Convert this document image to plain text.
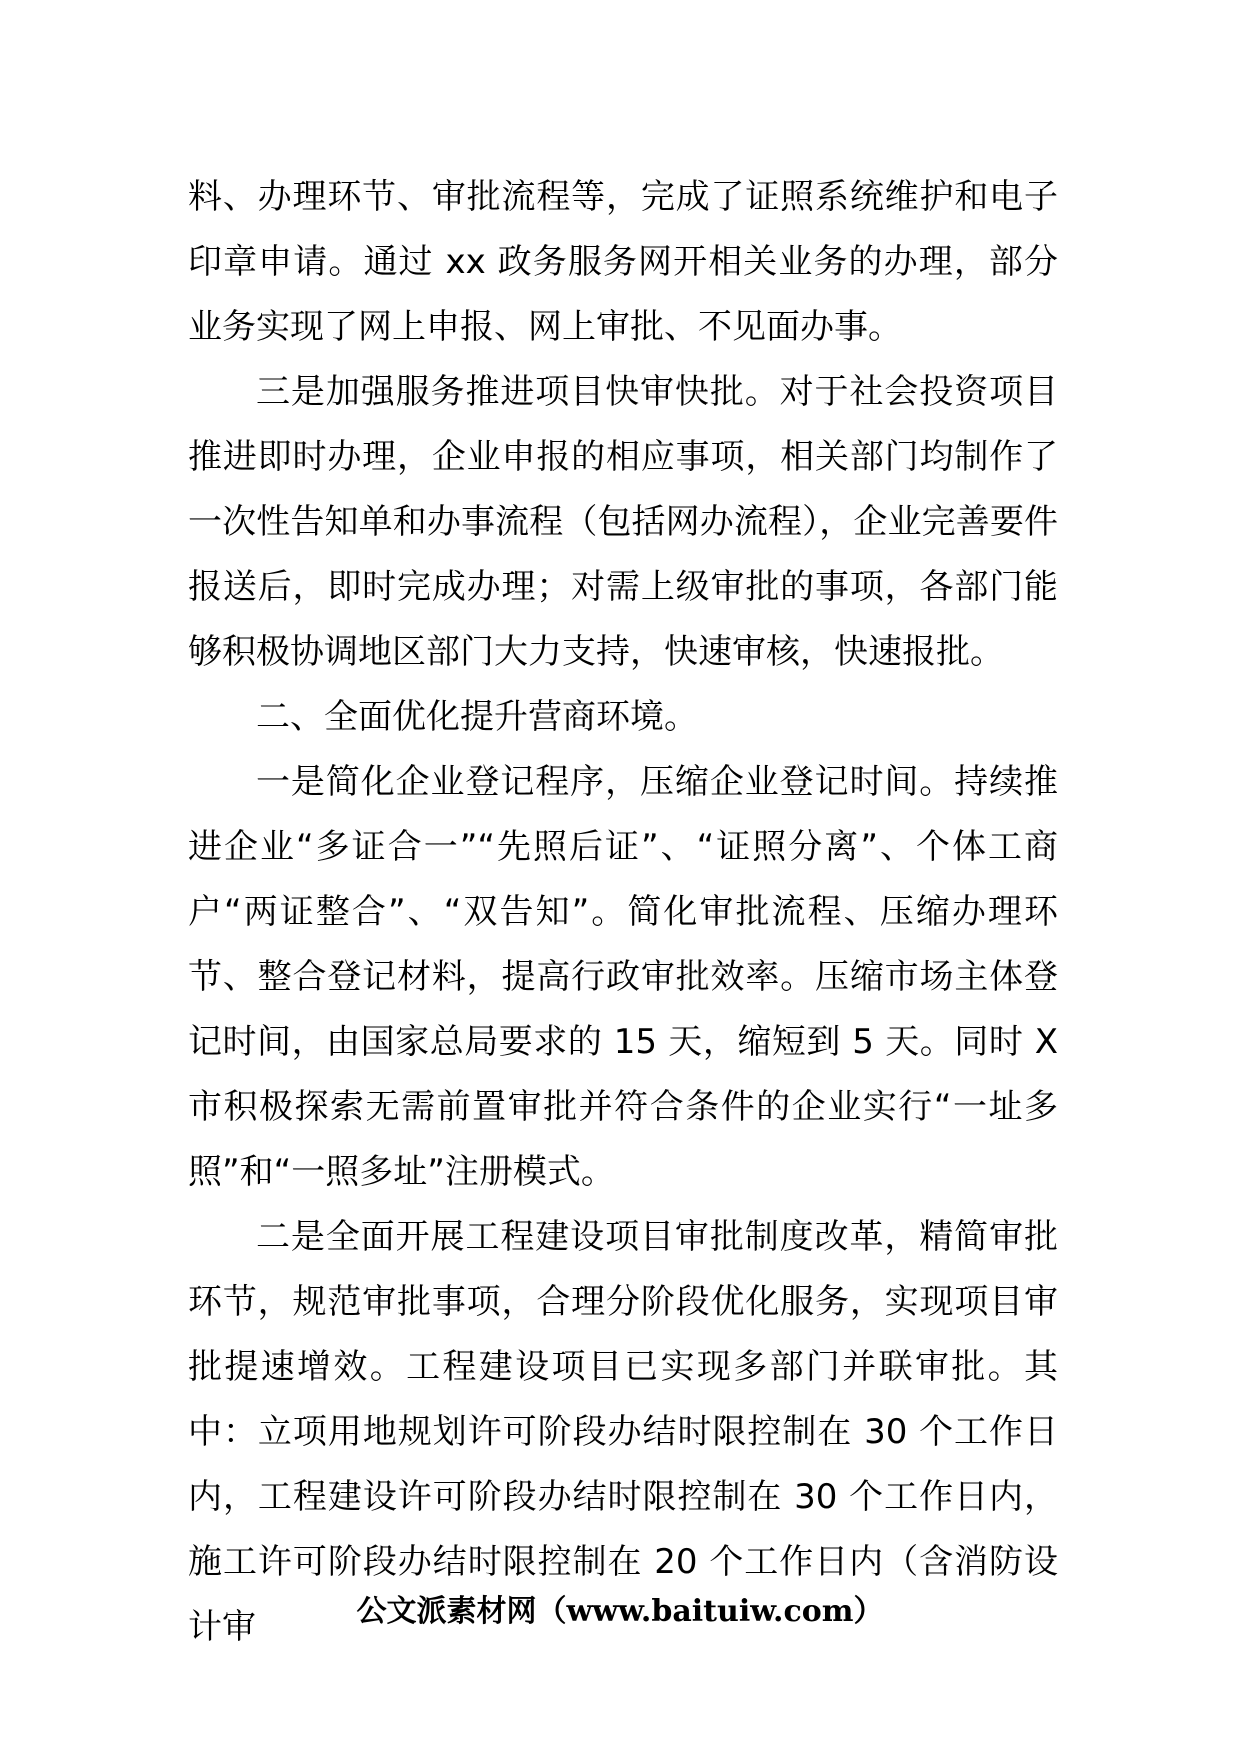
料、办理环节、审批流程等，完成了证照系统维护和电子印章申请。通过 xx 政务服务网开相关业务的办理，部分业务实现了网上申报、网上审批、不见面办事。

三是加强服务推进项目快审快批。对于社会投资项目推进即时办理，企业申报的相应事项，相关部门均制作了一次性告知单和办事流程（包括网办流程），企业完善要件报送后，即时完成办理；对需上级审批的事项，各部门能够积极协调地区部门大力支持，快速审核，快速报批。

二、全面优化提升营商环境。

一是简化企业登记程序，压缩企业登记时间。持续推进企业“多证合一”“先照后证”、“证照分离”、个体工商户“两证整合”、“双告知”。简化审批流程、压缩办理环节、整合登记材料，提高行政审批效率。压缩市场主体登记时间，由国家总局要求的 15 天，缩短到 5 天。同时 X 市积极探索无需前置审批并符合条件的企业实行“一址多照”和“一照多址”注册模式。

二是全面开展工程建设项目审批制度改革，精简审批环节，规范审批事项，合理分阶段优化服务，实现项目审批提速增效。工程建设项目已实现多部门并联审批。其中：立项用地规划许可阶段办结时限控制在 30 个工作日内，工程建设许可阶段办结时限控制在 30 个工作日内，施工许可阶段办结时限控制在 20 个工作日内（含消防设计审	公文派素材网（www.baituiw.com）
